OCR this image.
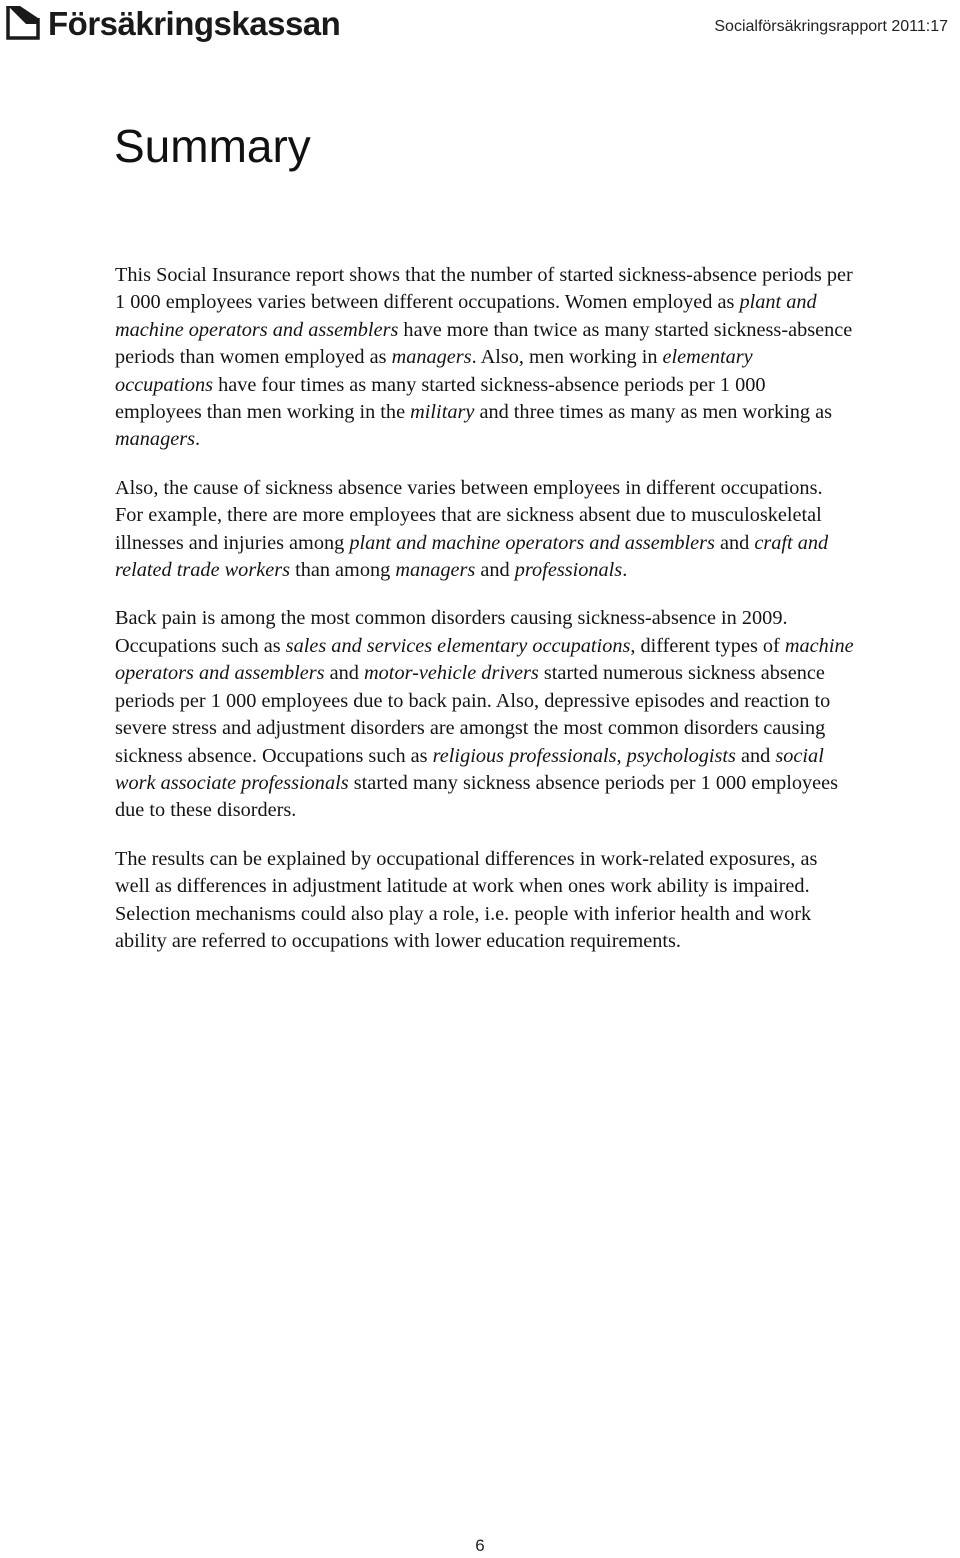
Försäkringskassan	Socialförsäkringsrapport 2011:17
Summary

This Social Insurance report shows that the number of started sickness-absence periods per 1 000 employees varies between different occupations. Women employed as plant and machine operators and assemblers have more than twice as many started sickness-absence periods than women employed as managers. Also, men working in elementary occupations have four times as many started sickness-absence periods per 1 000 employees than men working in the military and three times as many as men working as managers.

Also, the cause of sickness absence varies between employees in different occupations. For example, there are more employees that are sickness absent due to musculoskeletal illnesses and injuries among plant and machine operators and assemblers and craft and related trade workers than among managers and professionals.

Back pain is among the most common disorders causing sickness-absence in 2009. Occupations such as sales and services elementary occupations, different types of machine operators and assemblers and motor-vehicle drivers started numerous sickness absence periods per 1 000 employees due to back pain. Also, depressive episodes and reaction to severe stress and adjustment disorders are amongst the most common disorders causing sickness absence. Occupations such as religious professionals, psychologists and social work associate professionals started many sickness absence periods per 1 000 employees due to these disorders.

The results can be explained by occupational differences in work-related exposures, as well as differences in adjustment latitude at work when ones work ability is impaired. Selection mechanisms could also play a role, i.e. people with inferior health and work ability are referred to occupations with lower education requirements.

6
